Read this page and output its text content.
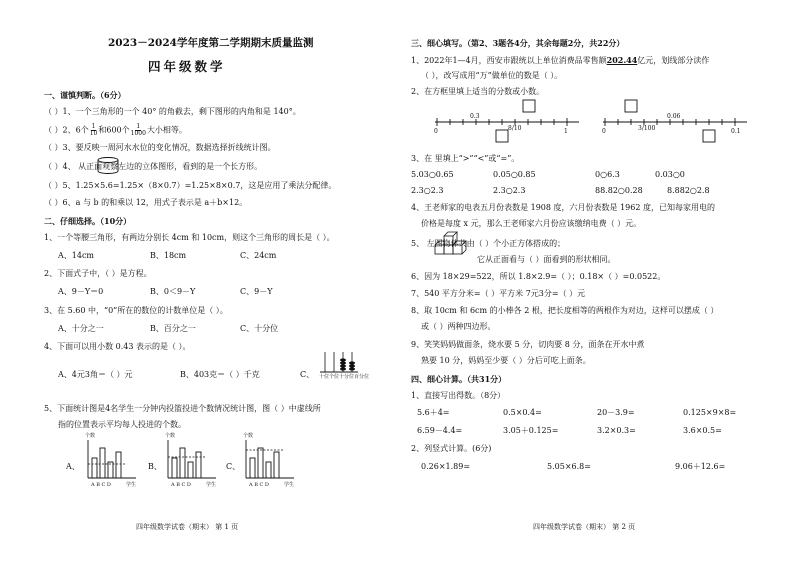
2023－2024学年度第二学期期末质量监测
四年级数学
一、谨慎判断。（6分）
（ ）1、一个三角形的一个 40° 的角截去，剩下图形的内角和是 140°。
（ ）2、6个 $\frac{1}{10}$ 和600个 $\frac{1}{1000}$ 大小相等。
（ ）3、要反映一周河水水位的变化情况，数据选择折线统计图。
（ ）4、 从正面观察左边的立体图形，看到的是一个长方形。
（ ）5、1.25×5.6=1.25×（8×0.7）=1.25×8×0.7，这是应用了乘法分配律。
（ ）6、a 与 b 的和乘以 12，用式子表示是 a＋b×12。
二、仔细选择。（10分）
1、一个等腰三角形，有两边分别长 4cm 和 10cm，则这个三角形的周长是（ ）。
A、14cm	B、18cm	C、24cm
2、下面式子中，（ ）是方程。
A、9－Y＝0	B、0＜9－Y	C、9－Y
3、在 5.60 中，“0”所在的数位的计数单位是（ ）。
A、十分之一	B、百分之一	C、十分位
4、下面可以用小数 0.43 表示的是（ ）。
A、4元3角＝（ ）元	B、403克＝（ ）千克	C、 十位 个位 十分位 百分位
5、下面统计图是4名学生一分钟内投篮投进个数情况统计图，图（ ）中虚线所
指的位置表示平均每人投进的个数。
A、	B、	C、
个数	个数	个数
A B C D	A B C D	A B C D
学生	学生	学生
四年级数学试卷（期末） 第 1 页
三、细心填写。（第2、3题各4分，其余每题2分，共22分）
1、2022年1—4月，西安市跟统以上单位消费品零售额202.44亿元，划线部分读作
（ ），改写成用“万”做单位的数是（ ）。
2、在方框里填上适当的分数或小数。
0
0.3
8/10	1	0	3/100
0.06
0.1
3、在 里填上“>”“<”或“=”。
5.03○0.65	0.05○0.85	0○6.3	0.03○0
2.3○2.3	2.3○2.3	88.82○0.28	8.882○2.8
4、王老师家的电表五月份表数是 1908 度，六月份表数是 1962 度，已知每家用电的
价格是每度 x 元，那么王老师家六月份应该缴纳电费（ ）元。
5、 左图物体共由（ ）个小正方体搭成的；
它从正面看与（ ）面看到的形状相同。
6、因为 18×29=522，所以 1.8×2.9=（ ）；0.18×（ ）=0.0522。
7、540 平方分米=（ ）平方米 7元3分=（ ）元
8、取 10cm 和 6cm 的小棒各 2 根，把长度相等的两根作为对边，这样可以摆成（ ）
或（ ）两种四边形。
9、笑笑妈妈做面条，烧水要 5 分，切肉要 8 分，面条在开水中煮
熟要 10 分，妈妈至少要（ ）分后可吃上面条。
四、细心计算。（共31分）
1、直接写出得数。（8分）
5.6＋4=	0.5×0.4=	20－3.9=	0.125×9×8=
6.59－4.4=	3.05＋0.125=	3.2×0.3=	3.6×0.5=
2、列竖式计算。(6分)
0.26×1.89=	5.05×6.8=	9.06＋12.6=
四年级数学试卷（期末） 第 2 页
